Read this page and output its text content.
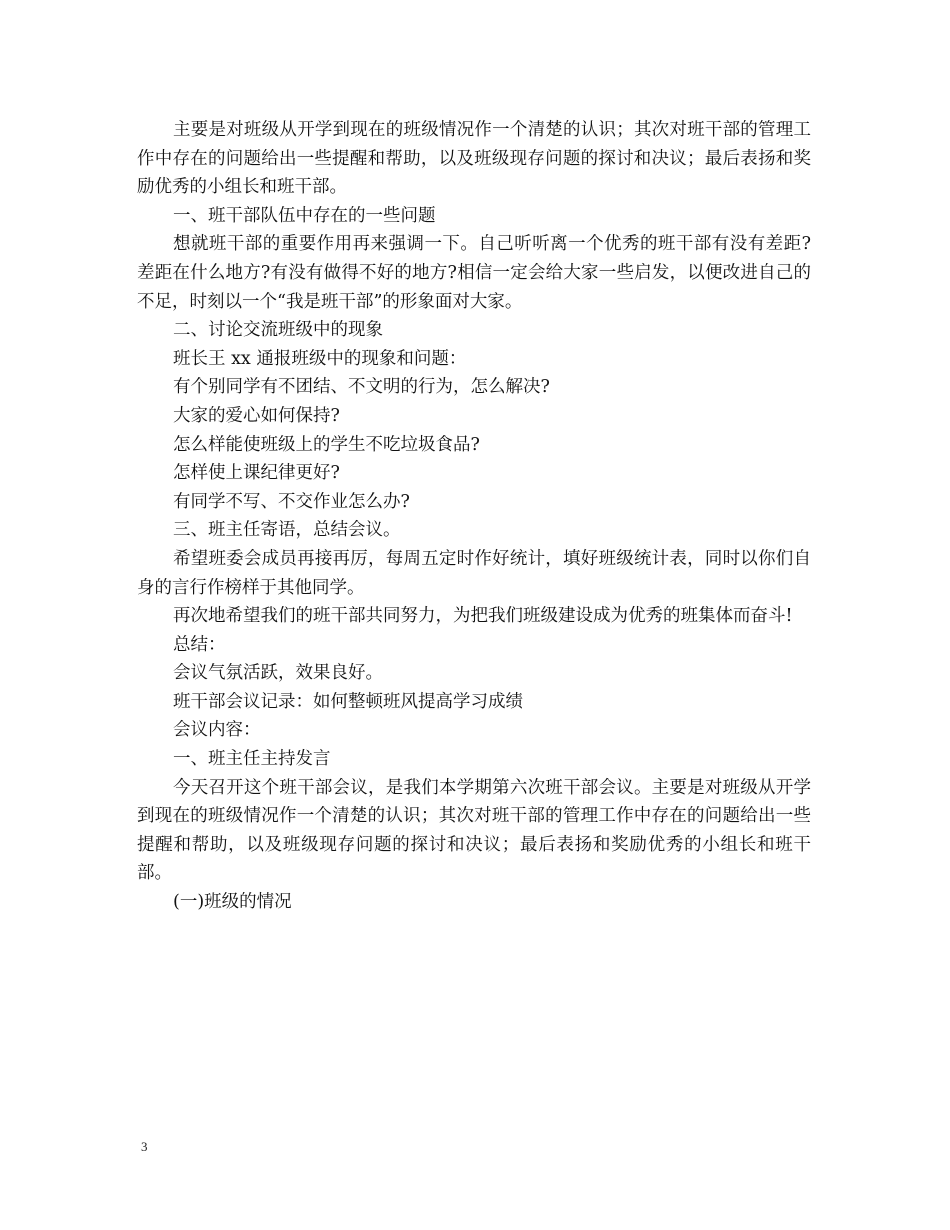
主要是对班级从开学到现在的班级情况作一个清楚的认识；其次对班干部的管理工作中存在的问题给出一些提醒和帮助，以及班级现存问题的探讨和决议；最后表扬和奖励优秀的小组长和班干部。

一、班干部队伍中存在的一些问题

想就班干部的重要作用再来强调一下。自己听听离一个优秀的班干部有没有差距?差距在什么地方?有没有做得不好的地方?相信一定会给大家一些启发，以便改进自己的不足，时刻以一个“我是班干部”的形象面对大家。

二、讨论交流班级中的现象

班长王 xx 通报班级中的现象和问题：

有个别同学有不团结、不文明的行为，怎么解决?

大家的爱心如何保持?

怎么样能使班级上的学生不吃垃圾食品?

怎样使上课纪律更好?

有同学不写、不交作业怎么办?

三、班主任寄语，总结会议。

希望班委会成员再接再厉，每周五定时作好统计，填好班级统计表，同时以你们自身的言行作榜样于其他同学。

再次地希望我们的班干部共同努力，为把我们班级建设成为优秀的班集体而奋斗!

总结：

会议气氛活跃，效果良好。

班干部会议记录：如何整顿班风提高学习成绩

会议内容：

一、班主任主持发言

今天召开这个班干部会议，是我们本学期第六次班干部会议。主要是对班级从开学到现在的班级情况作一个清楚的认识；其次对班干部的管理工作中存在的问题给出一些提醒和帮助，以及班级现存问题的探讨和决议；最后表扬和奖励优秀的小组长和班干部。

(一)班级的情况

3
